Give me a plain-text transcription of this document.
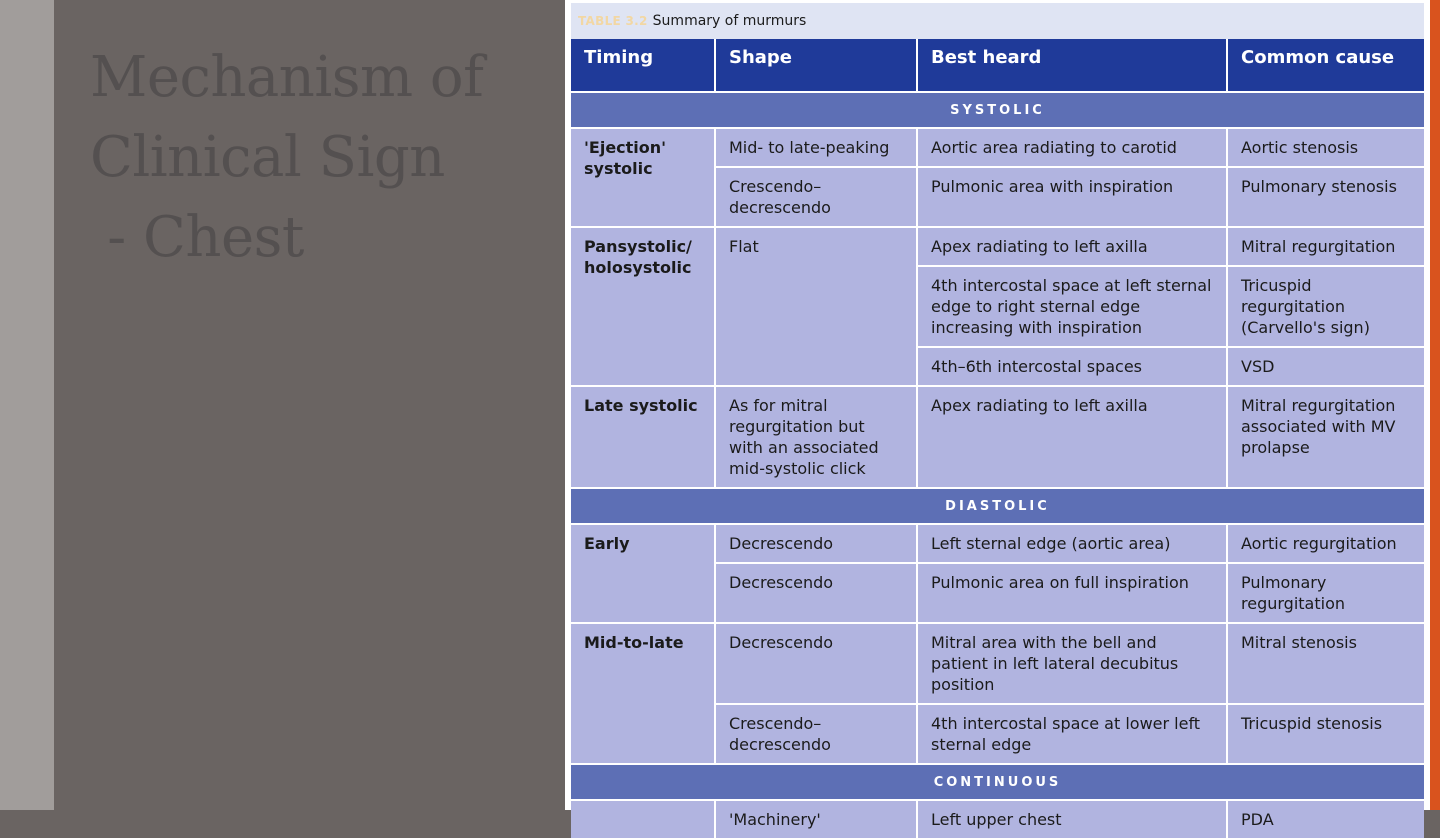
Mechanism of
Clinical Sign
- Chest
TABLE 3.2 Summary of murmurs
Timing	Shape	Best heard	Common cause
SYSTOLIC			
'Ejection' systolic	Mid- to late-peaking	Aortic area radiating to carotid	Aortic stenosis
	Crescendo–decrescendo	Pulmonic area with inspiration	Pulmonary stenosis
Pansystolic/ holosystolic	Flat	Apex radiating to left axilla	Mitral regurgitation
		4th intercostal space at left sternal edge to right sternal edge increasing with inspiration	Tricuspid regurgitation (Carvello's sign)
		4th–6th intercostal spaces	VSD
Late systolic	As for mitral regurgitation but with an associated mid-systolic click	Apex radiating to left axilla	Mitral regurgitation associated with MV prolapse
DIASTOLIC			
Early	Decrescendo	Left sternal edge (aortic area)	Aortic regurgitation
	Decrescendo	Pulmonic area on full inspiration	Pulmonary regurgitation
Mid-to-late	Decrescendo	Mitral area with the bell and patient in left lateral decubitus position	Mitral stenosis
	Crescendo–decrescendo	4th intercostal space at lower left sternal edge	Tricuspid stenosis
CONTINUOUS			
	'Machinery'	Left upper chest	PDA
